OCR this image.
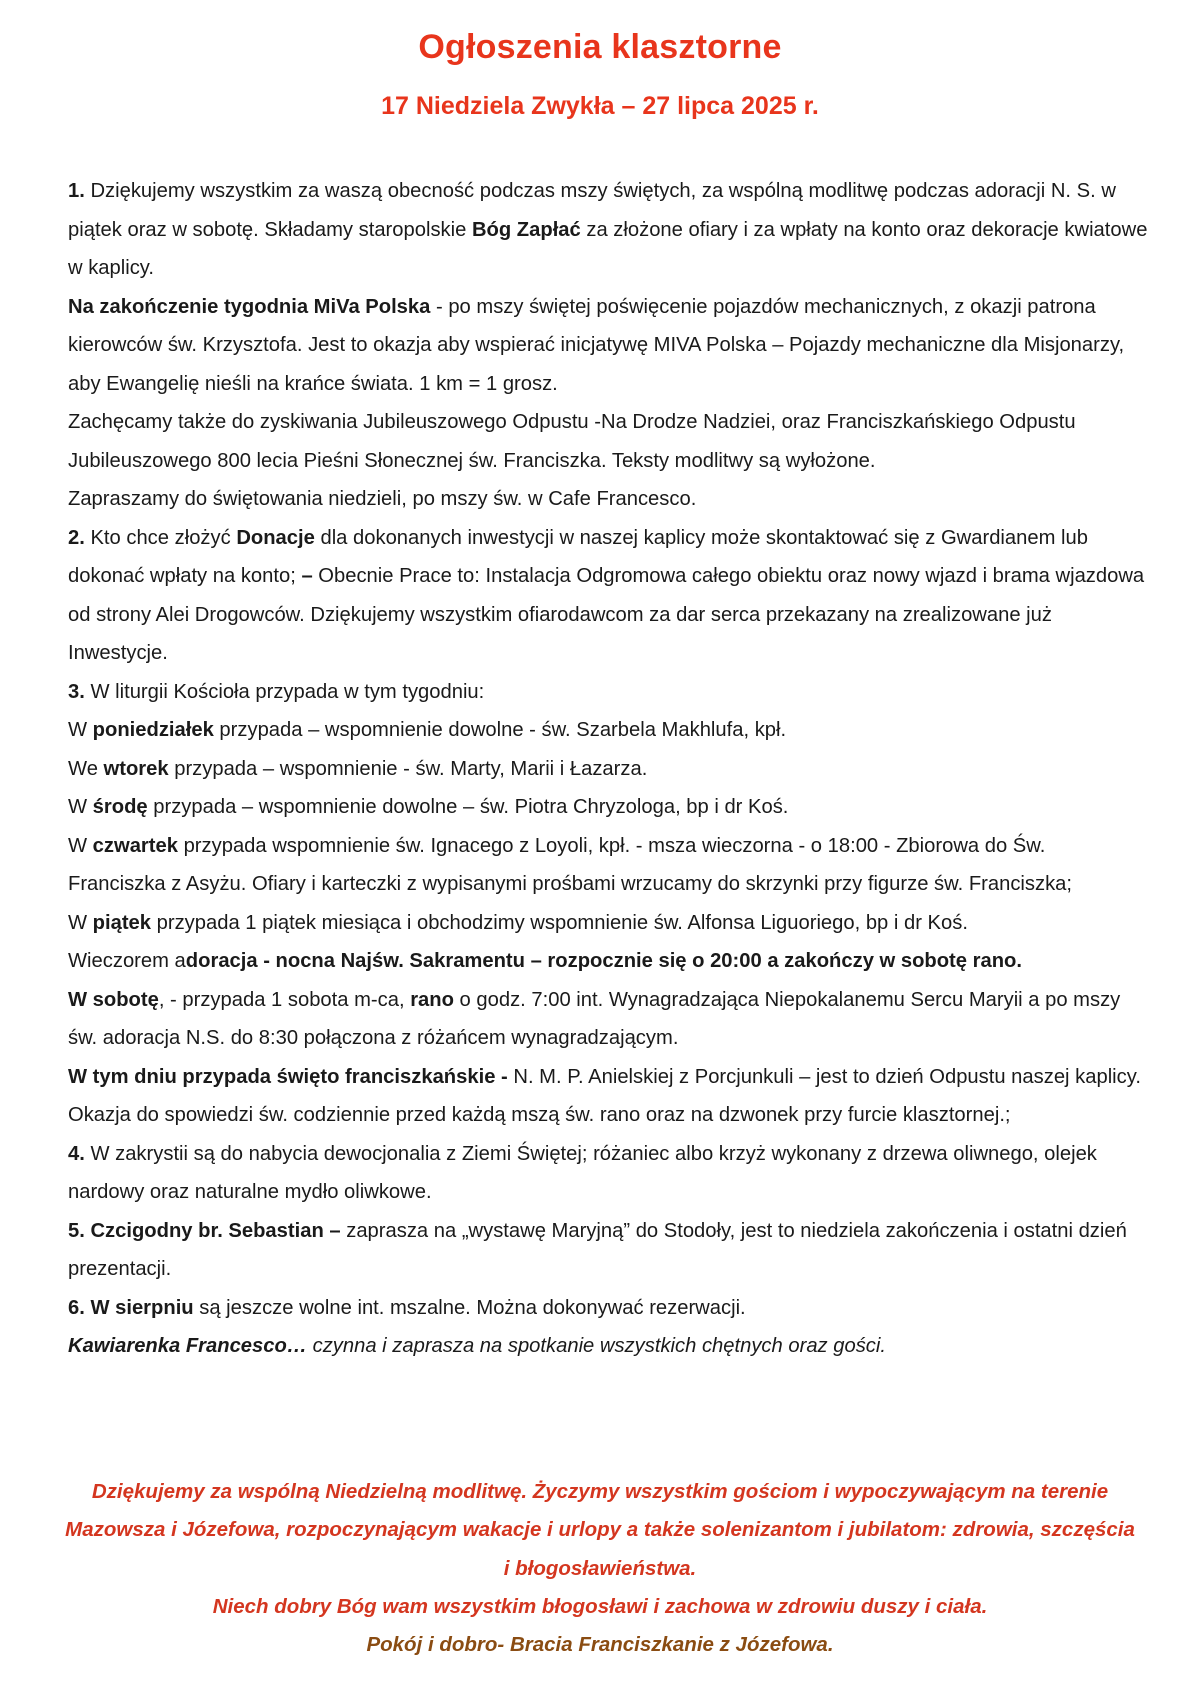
Ogłoszenia klasztorne
17 Niedziela Zwykła – 27 lipca 2025 r.

1. Dziękujemy wszystkim za waszą obecność podczas mszy świętych, za wspólną modlitwę podczas adoracji N. S. w piątek oraz w sobotę. Składamy staropolskie Bóg Zapłać za złożone ofiary i za wpłaty na konto oraz dekoracje kwiatowe w kaplicy.

Na zakończenie tygodnia MiVa Polska - po mszy świętej poświęcenie pojazdów mechanicznych, z okazji patrona kierowców św. Krzysztofa. Jest to okazja aby wspierać inicjatywę MIVA Polska – Pojazdy mechaniczne dla Misjonarzy, aby Ewangelię nieśli na krańce świata. 1 km = 1 grosz.

Zachęcamy także do zyskiwania Jubileuszowego Odpustu -Na Drodze Nadziei, oraz Franciszkańskiego Odpustu Jubileuszowego 800 lecia Pieśni Słonecznej św. Franciszka. Teksty modlitwy są wyłożone.

Zapraszamy do świętowania niedzieli, po mszy św. w Cafe Francesco.

2. Kto chce złożyć Donacje dla dokonanych inwestycji w naszej kaplicy może skontaktować się z Gwardianem lub dokonać wpłaty na konto; – Obecnie Prace to: Instalacja Odgromowa całego obiektu oraz nowy wjazd i brama wjazdowa od strony Alei Drogowców. Dziękujemy wszystkim ofiarodawcom za dar serca przekazany na zrealizowane już Inwestycje.

3. W liturgii Kościoła przypada w tym tygodniu:

W poniedziałek przypada – wspomnienie dowolne - św. Szarbela Makhlufa, kpł.

We wtorek przypada – wspomnienie - św. Marty, Marii i Łazarza.

W środę przypada – wspomnienie dowolne – św. Piotra Chryzologa, bp i dr Koś.

W czwartek przypada wspomnienie św. Ignacego z Loyoli, kpł. - msza wieczorna - o 18:00 - Zbiorowa do Św. Franciszka z Asyżu. Ofiary i karteczki z wypisanymi prośbami wrzucamy do skrzynki przy figurze św. Franciszka;

W piątek przypada 1 piątek miesiąca i obchodzimy wspomnienie św. Alfonsa Liguoriego, bp i dr Koś.

Wieczorem adoracja - nocna Najśw. Sakramentu – rozpocznie się o 20:00 a zakończy w sobotę rano.

W sobotę, - przypada 1 sobota m-ca, rano o godz. 7:00 int. Wynagradzająca Niepokalanemu Sercu Maryii a po mszy św. adoracja N.S. do 8:30 połączona z różańcem wynagradzającym.

W tym dniu przypada święto franciszkańskie - N. M. P. Anielskiej z Porcjunkuli – jest to dzień Odpustu naszej kaplicy. Okazja do spowiedzi św. codziennie przed każdą mszą św. rano oraz na dzwonek przy furcie klasztornej.;

4. W zakrystii są do nabycia dewocjonalia z Ziemi Świętej; różaniec albo krzyż wykonany z drzewa oliwnego, olejek nardowy oraz naturalne mydło oliwkowe.

5. Czcigodny br. Sebastian – zaprasza na „wystawę Maryjną” do Stodoły, jest to niedziela zakończenia i ostatni dzień prezentacji.

6. W sierpniu są jeszcze wolne int. mszalne. Można dokonywać rezerwacji.

Kawiarenka Francesco… czynna i zaprasza na spotkanie wszystkich chętnych oraz gości.

Dziękujemy za wspólną Niedzielną modlitwę. Życzymy wszystkim gościom i wypoczywającym na terenie Mazowsza i Józefowa, rozpoczynającym wakacje i urlopy a także solenizantom i jubilatom: zdrowia, szczęścia i błogosławieństwa.

Niech dobry Bóg wam wszystkim błogosławi i zachowa w zdrowiu duszy i ciała.

Pokój i dobro- Bracia Franciszkanie z Józefowa.
